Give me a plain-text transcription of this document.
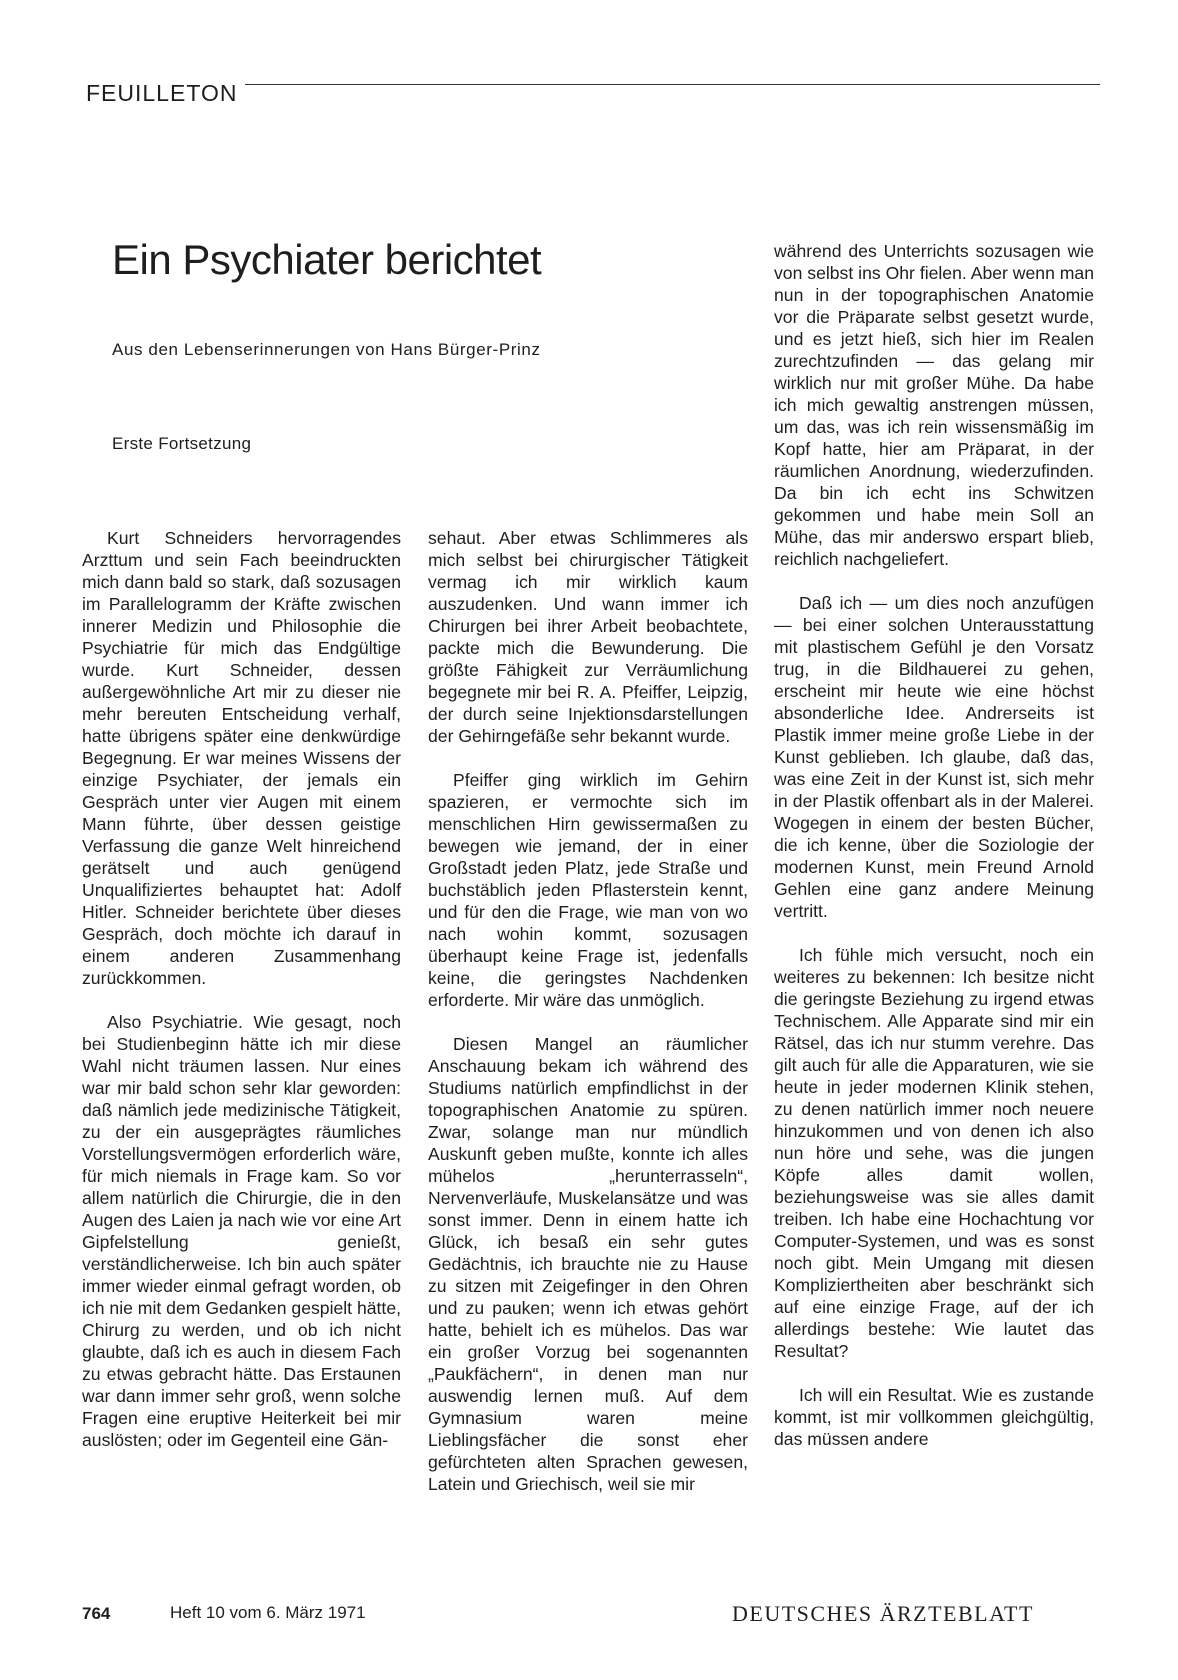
FEUILLETON
Ein Psychiater berichtet
Aus den Lebenserinnerungen von Hans Bürger-Prinz
Erste Fortsetzung

Kurt Schneiders hervorragendes Arzttum und sein Fach beeindruckten mich dann bald so stark, daß sozusagen im Parallelogramm der Kräfte zwischen innerer Medizin und Philosophie die Psychiatrie für mich das Endgültige wurde. Kurt Schneider, dessen außergewöhnliche Art mir zu dieser nie mehr bereuten Entscheidung verhalf, hatte übrigens später eine denkwürdige Begegnung. Er war meines Wissens der einzige Psychiater, der jemals ein Gespräch unter vier Augen mit einem Mann führte, über dessen geistige Verfassung die ganze Welt hinreichend gerätselt und auch genügend Unqualifiziertes behauptet hat: Adolf Hitler. Schneider berichtete über dieses Gespräch, doch möchte ich darauf in einem anderen Zusammenhang zurückkommen.

Also Psychiatrie. Wie gesagt, noch bei Studienbeginn hätte ich mir diese Wahl nicht träumen lassen. Nur eines war mir bald schon sehr klar geworden: daß nämlich jede medizinische Tätigkeit, zu der ein ausgeprägtes räumliches Vorstellungsvermögen erforderlich wäre, für mich niemals in Frage kam. So vor allem natürlich die Chirurgie, die in den Augen des Laien ja nach wie vor eine Art Gipfelstellung genießt, verständlicherweise. Ich bin auch später immer wieder einmal gefragt worden, ob ich nie mit dem Gedanken gespielt hätte, Chirurg zu werden, und ob ich nicht glaubte, daß ich es auch in diesem Fach zu etwas gebracht hätte. Das Erstaunen war dann immer sehr groß, wenn solche Fragen eine eruptive Heiterkeit bei mir auslösten; oder im Gegenteil eine Gän-

sehaut. Aber etwas Schlimmeres als mich selbst bei chirurgischer Tätigkeit vermag ich mir wirklich kaum auszudenken. Und wann immer ich Chirurgen bei ihrer Arbeit beobachtete, packte mich die Bewunderung. Die größte Fähigkeit zur Verräumlichung begegnete mir bei R. A. Pfeiffer, Leipzig, der durch seine Injektionsdarstellungen der Gehirngefäße sehr bekannt wurde.

Pfeiffer ging wirklich im Gehirn spazieren, er vermochte sich im menschlichen Hirn gewissermaßen zu bewegen wie jemand, der in einer Großstadt jeden Platz, jede Straße und buchstäblich jeden Pflasterstein kennt, und für den die Frage, wie man von wo nach wohin kommt, sozusagen überhaupt keine Frage ist, jedenfalls keine, die geringstes Nachdenken erforderte. Mir wäre das unmöglich.

Diesen Mangel an räumlicher Anschauung bekam ich während des Studiums natürlich empfindlichst in der topographischen Anatomie zu spüren. Zwar, solange man nur mündlich Auskunft geben mußte, konnte ich alles mühelos „herunterrasseln“, Nervenverläufe, Muskelansätze und was sonst immer. Denn in einem hatte ich Glück, ich besaß ein sehr gutes Gedächtnis, ich brauchte nie zu Hause zu sitzen mit Zeigefinger in den Ohren und zu pauken; wenn ich etwas gehört hatte, behielt ich es mühelos. Das war ein großer Vorzug bei sogenannten „Paukfächern“, in denen man nur auswendig lernen muß. Auf dem Gymnasium waren meine Lieblingsfächer die sonst eher gefürchteten alten Sprachen gewesen, Latein und Griechisch, weil sie mir

während des Unterrichts sozusagen wie von selbst ins Ohr fielen. Aber wenn man nun in der topographischen Anatomie vor die Präparate selbst gesetzt wurde, und es jetzt hieß, sich hier im Realen zurechtzufinden — das gelang mir wirklich nur mit großer Mühe. Da habe ich mich gewaltig anstrengen müssen, um das, was ich rein wissensmäßig im Kopf hatte, hier am Präparat, in der räumlichen Anordnung, wiederzufinden. Da bin ich echt ins Schwitzen gekommen und habe mein Soll an Mühe, das mir anderswo erspart blieb, reichlich nachgeliefert.

Daß ich — um dies noch anzufügen — bei einer solchen Unterausstattung mit plastischem Gefühl je den Vorsatz trug, in die Bildhauerei zu gehen, erscheint mir heute wie eine höchst absonderliche Idee. Andrerseits ist Plastik immer meine große Liebe in der Kunst geblieben. Ich glaube, daß das, was eine Zeit in der Kunst ist, sich mehr in der Plastik offenbart als in der Malerei. Wogegen in einem der besten Bücher, die ich kenne, über die Soziologie der modernen Kunst, mein Freund Arnold Gehlen eine ganz andere Meinung vertritt.

Ich fühle mich versucht, noch ein weiteres zu bekennen: Ich besitze nicht die geringste Beziehung zu irgend etwas Technischem. Alle Apparate sind mir ein Rätsel, das ich nur stumm verehre. Das gilt auch für alle die Apparaturen, wie sie heute in jeder modernen Klinik stehen, zu denen natürlich immer noch neuere hinzukommen und von denen ich also nun höre und sehe, was die jungen Köpfe alles damit wollen, beziehungsweise was sie alles damit treiben. Ich habe eine Hochachtung vor Computer-Systemen, und was es sonst noch gibt. Mein Umgang mit diesen Kompliziertheiten aber beschränkt sich auf eine einzige Frage, auf der ich allerdings bestehe: Wie lautet das Resultat?

Ich will ein Resultat. Wie es zustande kommt, ist mir vollkommen gleichgültig, das müssen andere

764	Heft 10 vom 6. März 1971	DEUTSCHES ÄRZTEBLATT
